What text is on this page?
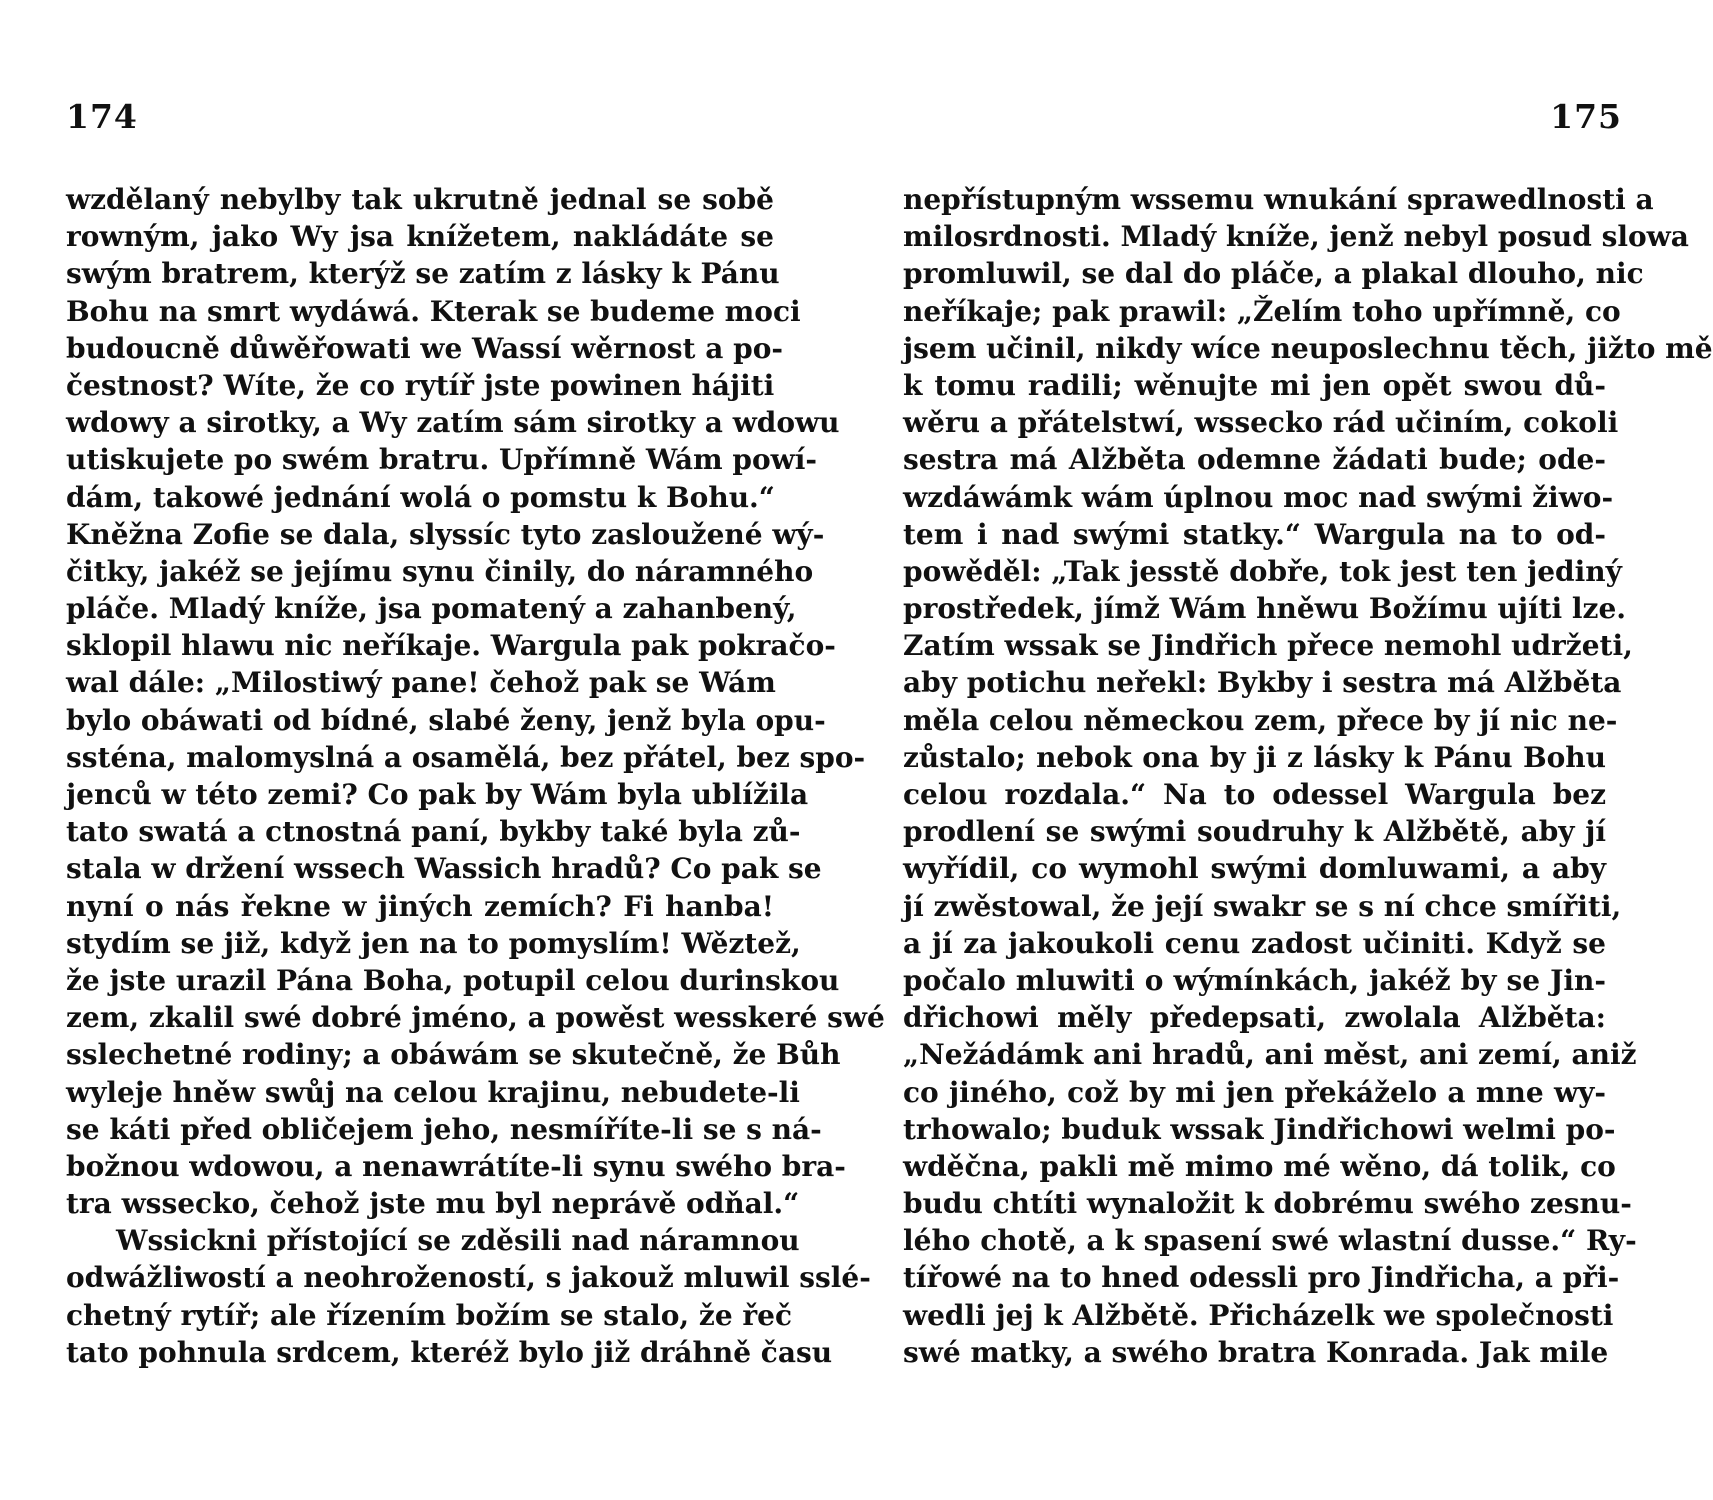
174
wzdělaný nebylby tak ukrutně jednal se sobě
rowným, jako Wy jsa knížetem, nakládáte se
swým bratrem, kterýž se zatím z lásky k Pánu
Bohu na smrt wydáwá. Kterak se budeme moci
budoucně důwěřowati we Wassí wěrnost a po-
čestnost? Wíte, že co rytíř jste powinen hájiti
wdowy a sirotky, a Wy zatím sám sirotky a wdowu
utiskujete po swém bratru. Upřímně Wám powí-
dám, takowé jednání wolá o pomstu k Bohu.“
Kněžna Zofie se dala, slyssíc tyto zasloužené wý-
čitky, jakéž se jejímu synu činily, do náramného
pláče. Mladý kníže, jsa pomatený a zahanbený,
sklopil hlawu nic neříkaje. Wargula pak pokračo-
wal dále: „Milostiwý pane! čehož pak se Wám
bylo obáwati od bídné, slabé ženy, jenž byla opu-
ssténa, malomyslná a osamělá, bez přátel, bez spo-
jenců w této zemi? Co pak by Wám byla ublížila
tato swatá a ctnostná paní, bykby také byla zů-
stala w držení wssech Wassich hradů? Co pak se
nyní o nás řekne w jiných zemích? Fi hanba!
stydím se již, když jen na to pomyslím! Wěztež,
že jste urazil Pána Boha, potupil celou durinskou
zem, zkalil swé dobré jméno, a powěst wesskeré swé
sslechetné rodiny; a obáwám se skutečně, že Bůh
wyleje hněw swůj na celou krajinu, nebudete-li
se káti před obličejem jeho, nesmíříte-li se s ná-
božnou wdowou, a nenawrátíte-li synu swého bra-
tra wssecko, čehož jste mu byl neprávě odňal.“
Wssickni přístojící se zděsili nad náramnou
odwážliwostí a neohrožeností, s jakouž mluwil sslé-
chetný rytíř; ale řízením božím se stalo, že řeč
tato pohnula srdcem, kteréž bylo již dráhně času
175
nepřístupným wssemu wnukání sprawedlnosti a
milosrdnosti. Mladý kníže, jenž nebyl posud slowa
promluwil, se dal do pláče, a plakal dlouho, nic
neříkaje; pak prawil: „Želím toho upřímně, co
jsem učinil, nikdy wíce neuposlechnu těch, jižto mě
k tomu radili; wěnujte mi jen opět swou dů-
wěru a přátelstwí, wssecko rád učiním, cokoli
sestra má Alžběta odemne žádati bude; ode-
wzdáwámk wám úplnou moc nad swými žiwo-
tem i nad swými statky.“ Wargula na to od-
powěděl: „Tak jesstě dobře, tok jest ten jediný
prostředek, jímž Wám hněwu Božímu ujíti lze.
Zatím wssak se Jindřich přece nemohl udržeti,
aby potichu neřekl: Bykby i sestra má Alžběta
měla celou německou zem, přece by jí nic ne-
zůstalo; nebok ona by ji z lásky k Pánu Bohu
celou rozdala.“ Na to odessel Wargula bez
prodlení se swými soudruhy k Alžbětě, aby jí
wyřídil, co wymohl swými domluwami, a aby
jí zwěstowal, že její swakr se s ní chce smířiti,
a jí za jakoukoli cenu zadost učiniti. Když se
počalo mluwiti o wýmínkách, jakéž by se Jin-
dřichowi měly předepsati, zwolala Alžběta:
„Nežádámk ani hradů, ani měst, ani zemí, aniž
co jiného, což by mi jen překáželo a mne wy-
trhowalo; buduk wssak Jindřichowi welmi po-
wděčna, pakli mě mimo mé wěno, dá tolik, co
budu chtíti wynaložit k dobrému swého zesnu-
lého chotě, a k spasení swé wlastní dusse.“ Ry-
tířowé na to hned odessli pro Jindřicha, a při-
wedli jej k Alžbětě. Přicházelk we společnosti
swé matky, a swého bratra Konrada. Jak mile
